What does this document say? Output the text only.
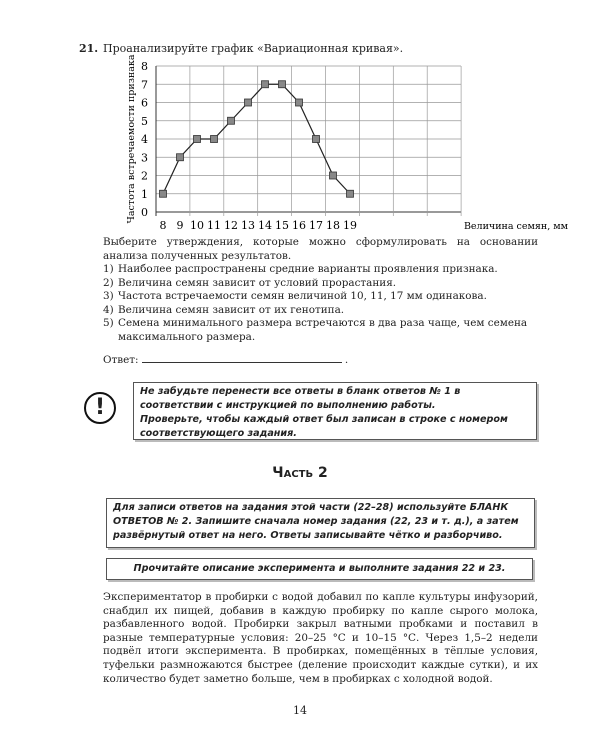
21. Проанализируйте график «Вариационная кривая».
0
1
2
3
4
5
6
7
8
8 9 10 11 12 13 14 15 16 17 18 19	Величина семян, мм
Частота встречаемости признака
Выберите утверждения, которые можно сформулировать на основании анализа полученных результатов.
1) Наиболее распространены средние варианты проявления признака.
2) Величина семян зависит от условий прорастания.
3) Частота встречаемости семян величиной 10, 11, 17 мм одинакова.
4) Величина семян зависит от их генотипа.
5) Семена минимального размера встречаются в два раза чаще, чем семена максимального размера.
Ответ:	.
!
Не забудьте перенести все ответы в бланк ответов № 1 в соответствии с инструкцией по выполнению работы.
Проверьте, чтобы каждый ответ был записан в строке с номером соответствующего задания.
Часть 2
Для записи ответов на задания этой части (22–28) используйте БЛАНК ОТВЕТОВ № 2. Запишите сначала номер задания (22, 23 и т. д.), а затем развёрнутый ответ на него. Ответы записывайте чётко и разборчиво.
Прочитайте описание эксперимента и выполните задания 22 и 23.
Экспериментатор в пробирки с водой добавил по капле культуры инфузорий, снабдил их пищей, добавив в каждую пробирку по капле сырого молока, разбавленного водой. Пробирки закрыл ватными пробками и поставил в разные температурные условия: 20–25 °С и 10–15 °С. Через 1,5–2 недели подвёл итоги эксперимента. В пробирках, помещённых в тёплые условия, туфельки размножаются быстрее (деление происходит каждые сутки), и их количество будет заметно больше, чем в пробирках с холодной водой.
14
